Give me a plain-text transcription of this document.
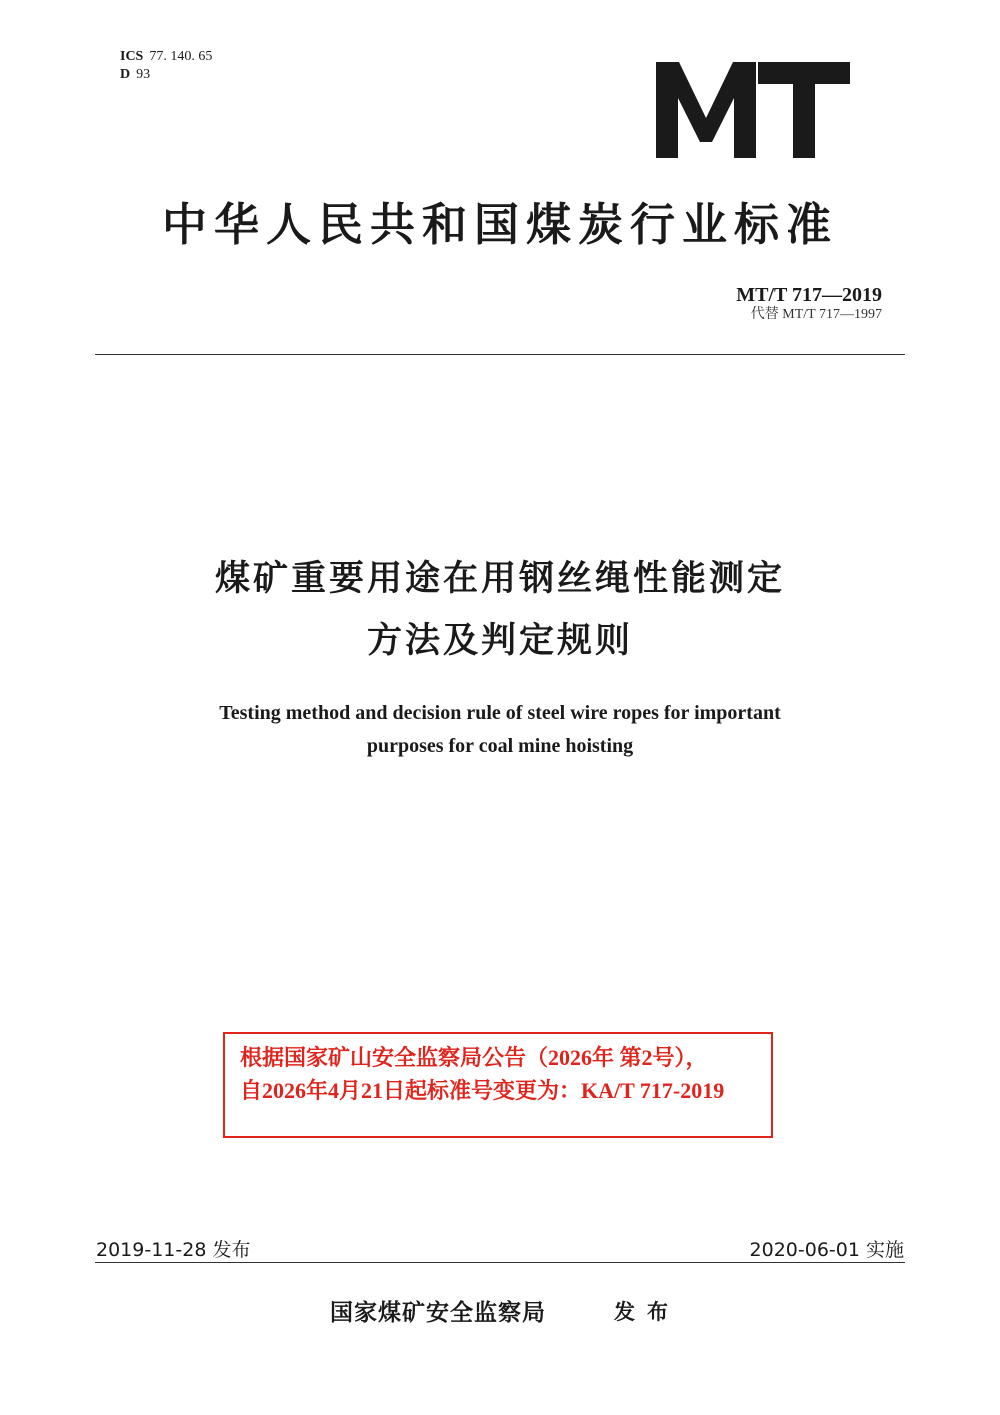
ICS 77. 140. 65
D 93
中华人民共和国煤炭行业标准
MT/T 717—2019
代替 MT/T 717—1997
煤矿重要用途在用钢丝绳性能测定
方法及判定规则
Testing method and decision rule of steel wire ropes for important
purposes for coal mine hoisting
根据国家矿山安全监察局公告（2026年 第2号），
自2026年4月21日起标准号变更为：KA/T 717-2019
2019-11-28 发布	2020-06-01 实施
国家煤矿安全监察局	发布
